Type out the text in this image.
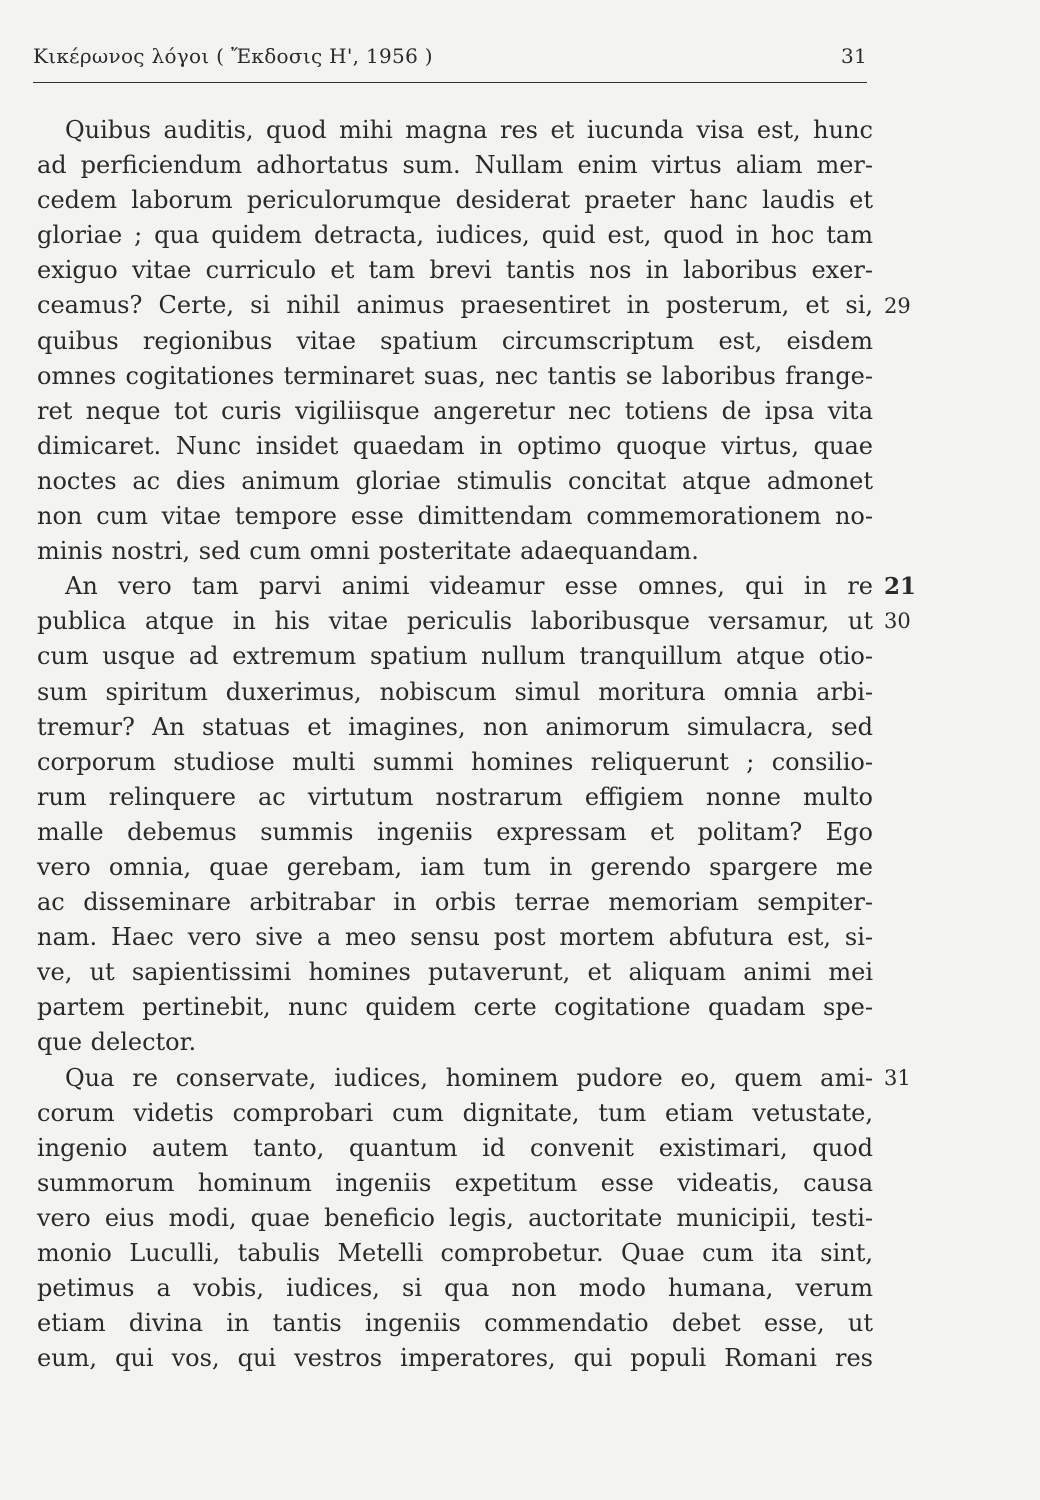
Κικέρωνος λόγοι ( Ἔκδοσις Η', 1956 )	31
Quibus auditis, quod mihi magna res et iucunda visa est, hunc
ad perficiendum adhortatus sum. Nullam enim virtus aliam mer-
cedem laborum periculorumque desiderat praeter hanc laudis et
gloriae ; qua quidem detracta, iudices, quid est, quod in hoc tam
exiguo vitae curriculo et tam brevi tantis nos in laboribus exer-
ceamus? Certe, si nihil animus praesentiret in posterum, et si,
quibus regionibus vitae spatium circumscriptum est, eisdem
omnes cogitationes terminaret suas, nec tantis se laboribus frange-
ret neque tot curis vigiliisque angeretur nec totiens de ipsa vita
dimicaret. Nunc insidet quaedam in optimo quoque virtus, quae
noctes ac dies animum gloriae stimulis concitat atque admonet
non cum vitae tempore esse dimittendam commemorationem no-
minis nostri, sed cum omni posteritate adaequandam.
An vero tam parvi animi videamur esse omnes, qui in re
publica atque in his vitae periculis laboribusque versamur, ut
cum usque ad extremum spatium nullum tranquillum atque otio-
sum spiritum duxerimus, nobiscum simul moritura omnia arbi-
tremur? An statuas et imagines, non animorum simulacra, sed
corporum studiose multi summi homines reliquerunt ; consilio-
rum relinquere ac virtutum nostrarum effigiem nonne multo
malle debemus summis ingeniis expressam et politam? Ego
vero omnia, quae gerebam, iam tum in gerendo spargere me
ac disseminare arbitrabar in orbis terrae memoriam sempiter-
nam. Haec vero sive a meo sensu post mortem abfutura est, si-
ve, ut sapientissimi homines putaverunt, et aliquam animi mei
partem pertinebit, nunc quidem certe cogitatione quadam spe-
que delector.
Qua re conservate, iudices, hominem pudore eo, quem ami-
corum videtis comprobari cum dignitate, tum etiam vetustate,
ingenio autem tanto, quantum id convenit existimari, quod
summorum hominum ingeniis expetitum esse videatis, causa
vero eius modi, quae beneficio legis, auctoritate municipii, testi-
monio Luculli, tabulis Metelli comprobetur. Quae cum ita sint,
petimus a vobis, iudices, si qua non modo humana, verum
etiam divina in tantis ingeniis commendatio debet esse, ut
eum, qui vos, qui vestros imperatores, qui populi Romani res
29
21
30
31
